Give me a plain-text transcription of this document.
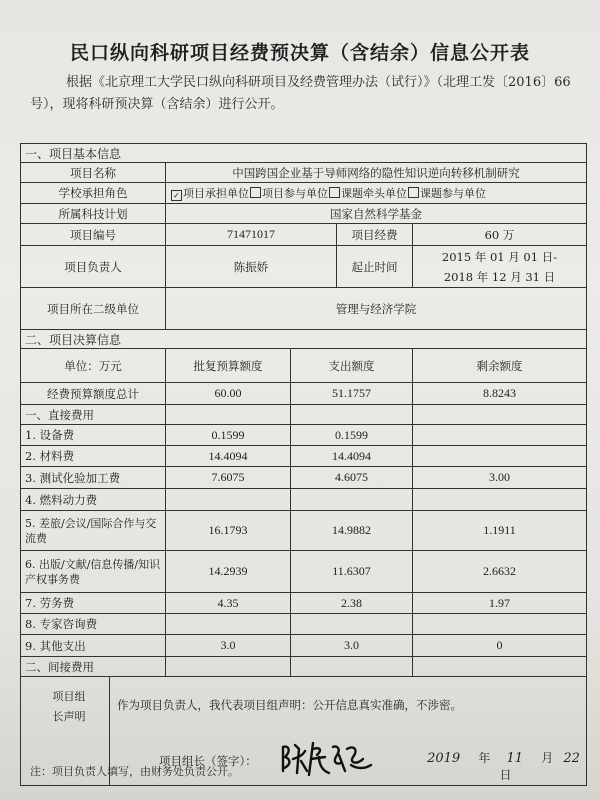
民口纵向科研项目经费预决算（含结余）信息公开表
根据《北京理工大学民口纵向科研项目及经费管理办法（试行）》（北理工发〔2016〕66号），现将科研预决算（含结余）进行公开。
一、项目基本信息				
项目名称	中国跨国企业基于导师网络的隐性知识逆向转移机制研究			
学校承担角色	✓ 项目承担单位 项目参与单位 课题牵头单位 课题参与单位			
所属科技计划	国家自然科学基金			
项目编号	71471017		项目经费	60 万
项目负责人	陈振娇		起止时间	2015 年 01 月 01 日-
2018 年 12 月 31 日

项目所在二级单位	管理与经济学院			
二、项目决算信息				
单位：万元	批复预算额度	支出额度		剩余额度
经费预算额度总计	60.00	51.1757		8.8243
一、直接费用				
1. 设备费	0.1599	0.1599		
2. 材料费	14.4094	14.4094		
3. 测试化验加工费	7.6075	4.6075		3.00
4. 燃料动力费				
5. 差旅/会议/国际合作与交流费	16.1793	14.9882		1.1911
6. 出版/文献/信息传播/知识产权事务费	14.2939	11.6307		2.6632
7. 劳务费	4.35	2.38		1.97
8. 专家咨询费				
9. 其他支出	3.0	3.0		0
二、间接费用				

项目组长声明
作为项目负责人，我代表项目组声明：公开信息真实准确，不涉密。
项目组长（签字）： 2019 年 11 月 22 日				
注：项目负责人填写，由财务处负责公开。
